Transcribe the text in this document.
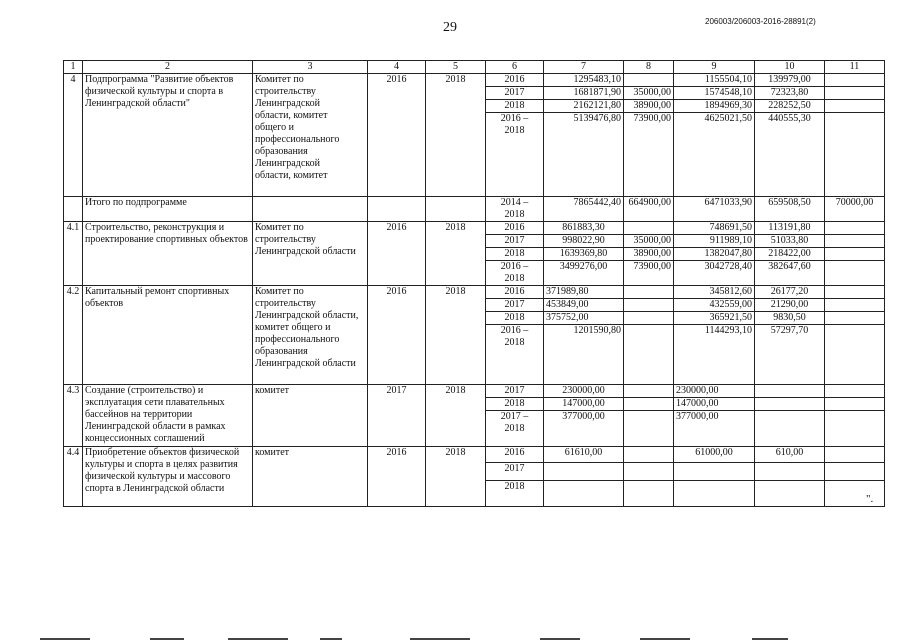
29	206003/206003-2016-28891(2)
1	2	3	4	5	6	7	8	9	10	11
4	Подпрограмма "Развитие объектов физической культуры и спорта в Ленинградской области"	Комитет по строительству Ленинградской области, комитет общего и профессионального образования Ленинградской области, комитет	2016	2018	2016	1295483,10		1155504,10	139979,00	
					2017	1681871,90	35000,00	1574548,10	72323,80	
					2018	2162121,80	38900,00	1894969,30	228252,50	
					2016 – 2018	5139476,80	73900,00	4625021,50	440555,30	
	Итого по подпрограмме				2014 – 2018	7865442,40	664900,00	6471033,90	659508,50	70000,00
4.1	Строительство, реконструкция и проектирование спортивных объектов	Комитет по строительству Ленинградской области	2016	2018	2016	861883,30		748691,50	113191,80	
					2017	998022,90	35000,00	911989,10	51033,80	
					2018	1639369,80	38900,00	1382047,80	218422,00	
					2016 – 2018	3499276,00	73900,00	3042728,40	382647,60	
4.2	Капитальный ремонт спортивных объектов	Комитет по строительству Ленинградской области, комитет общего и профессионального образования Ленинградской области	2016	2018	2016	371989,80		345812,60	26177,20	
					2017	453849,00		432559,00	21290,00	
					2018	375752,00		365921,50	9830,50	
					2016 – 2018	1201590,80		1144293,10	57297,70	
4.3	Создание (строительство) и эксплуатация сети плавательных бассейнов на территории Ленинградской области в рамках концессионных соглашений	комитет	2017	2018	2017	230000,00		230000,00		
					2018	147000,00		147000,00		
					2017 – 2018	377000,00		377000,00		
4.4	Приобретение объектов физической культуры и спорта в целях развития физической культуры и массового спорта в Ленинградской области	комитет	2016	2018	2016	61610,00		61000,00	610,00	
					2017					
					2018					
".
